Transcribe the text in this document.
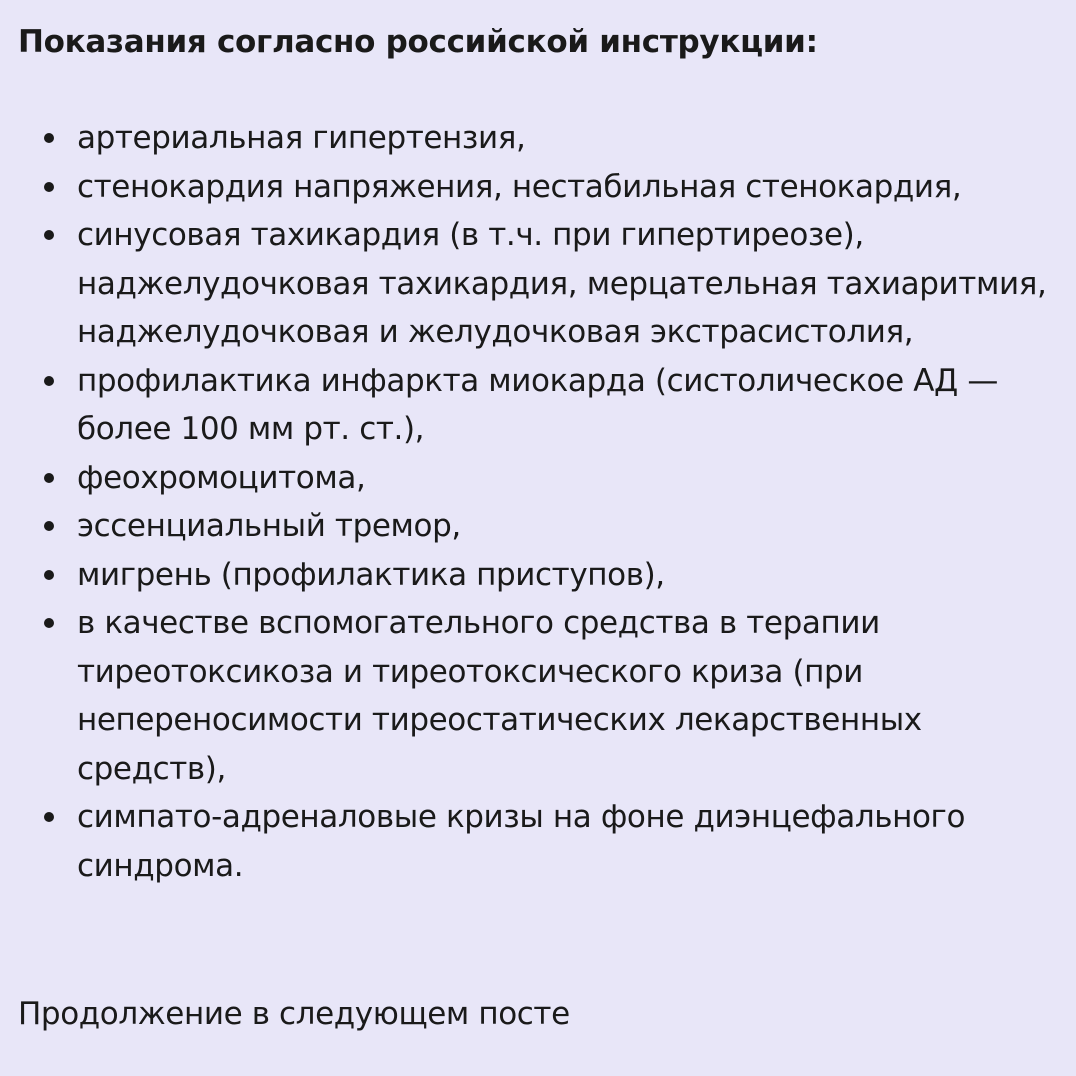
Показания согласно российской инструкции:
артериальная гипертензия,
стенокардия напряжения, нестабильная стенокардия,
синусовая тахикардия (в т.ч. при гипертиреозе), наджелудочковая тахикардия, мерцательная тахиаритмия, наджелудочковая и желудочковая экстрасистолия,
профилактика инфаркта миокарда (систолическое АД — более 100 мм рт. ст.),
феохромоцитома,
эссенциальный тремор,
мигрень (профилактика приступов),
в качестве вспомогательного средства в терапии тиреотоксикоза и тиреотоксического криза (при непереносимости тиреостатических лекарственных средств),
симпато-адреналовые кризы на фоне диэнцефального синдрома.

Продолжение в следующем посте
